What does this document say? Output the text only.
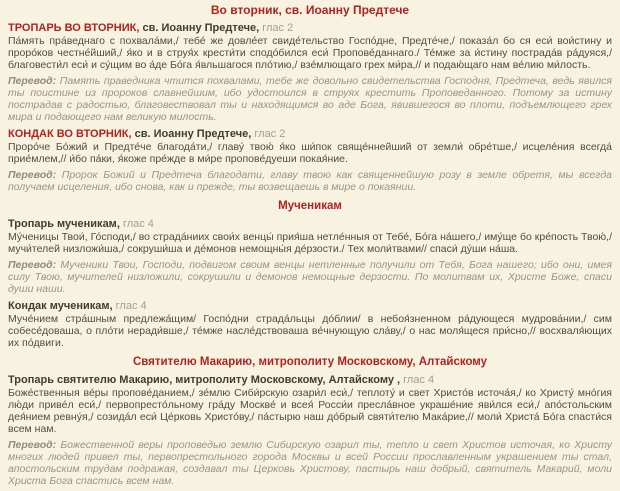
Во вторник, св. Иоанну Предтече

ТРОПАРЬ ВО ВТОРНИК, св. Иоанну Предтече, глас 2

Па́мять пра́веднаго с похвала́ми,/ тебе́ же довле́ет свиде́тельство Госпо́дне, Предте́че,/ показа́л бо ся еси́ вои́стину и проро́ков честне́йший,/ я́ко и в струя́х крести́ти сподо́бился еси́ Пропове́даннаго./ Те́мже за и́стину пострада́в ра́дуяся,/ благовести́л еси́ и су́щим во а́де Бо́га я́вльшагося пло́тию,/ взе́млющаго грех ми́ра,// и подаю́щаго нам ве́лию ми́лость.

Перевод: Память праведника чтится похвалами, тебе же довольно свидетельства Господня, Предтеча, ведь явился ты поистине из пророков славнейшим, ибо удостоился в струях крестить Проповеданного. Потому за истину пострадав с радостью, благовествовал ты и находящимся во аде Бога, явившегося во плоти, подъемлющего грех мира и подающего нам великую милость.

КОНДАК ВО ВТОРНИК, св. Иоанну Предтече, глас 2

Проро́че Бо́жий и Предте́че благода́ти,/ главу́ твою́ я́ко ши́пок свяще́ннейший от земли́ обре́тше,/ исцеле́ния всегда́ прие́млем,// и́бо па́ки, я́коже пре́жде в ми́ре пропове́дуеши покая́ние.

Перевод: Пророк Божий и Предтеча благодати, главу твою как священнейшую розу в земле обретя, мы всегда получаем исцеления, ибо снова, как и прежде, ты возвещаешь в мире о покаянии.

Мученикам

Тропарь мученикам, глас 4

Му́ченицы Твои́, Го́споди,/ во страда́ниих свои́х венцы́ прия́ша нетле́нныя от Тебе́, Бо́га на́шего,/ иму́ще бо кре́пость Твою́,/ мучи́телей низложи́ша,/ сокруши́ша и де́монов немощны́я де́рзости./ Тех моли́твами// спаси́ ду́ши на́ша.

Перевод: Мученики Твои, Господи, подвигом своим венцы нетленные получили от Тебя, Бога нашего; ибо они, имея силу Твою, мучителей низложили, сокрушили и демонов немощные дерзости. По молитвам их, Христе Боже, спаси души наши.

Кондак мученикам, глас 4

Муче́нием стра́шным предлежа́щим/ Госпо́дни страда́льцы до́блии/ в небоя́зненном ра́дующеся мудрова́нии,/ сим собесе́доваша, о пло́ти неради́вше,/ те́мже насле́дствоваша ве́чнующую сла́ву,/ о нас моля́щеся при́сно,// восхваля́ющих их по́двиги.

Святителю Макарию, митрополиту Московскому, Алтайскому

Тропарь святителю Макарию, митрополиту Московскому, Алтайскому , глас 4

Боже́ственныя ве́ры пропове́данием,/ зе́млю Сиби́рскую озари́л еси́,/ теплоту́ и свет Христо́в источа́я,/ ко Христу́ мно́гия лю́ди приве́л еси́,/ первопресто́льному гра́ду Москве́ и всея́ Росси́и пресла́вное украше́ние яви́лся еси́,/ апо́стольским дея́нием ревну́я,/ созида́л еси́ Це́рковь Христо́ву,/ па́стырю наш до́брый святи́телю Мака́рие,// моли́ Христа́ Бо́га спасти́ся всем нам.

Перевод: Божественной веры проповедью землю Сибирскую озарил ты, тепло и свет Христов источая, ко Христу многих людей привел ты, первопрестольного города Москвы и всей России прославленным украшением ты стал, апостольским трудам подражая, создавал ты Церковь Христову, пастырь наш добрый, святитель Макарий, моли Христа Бога спастись всем нам.
